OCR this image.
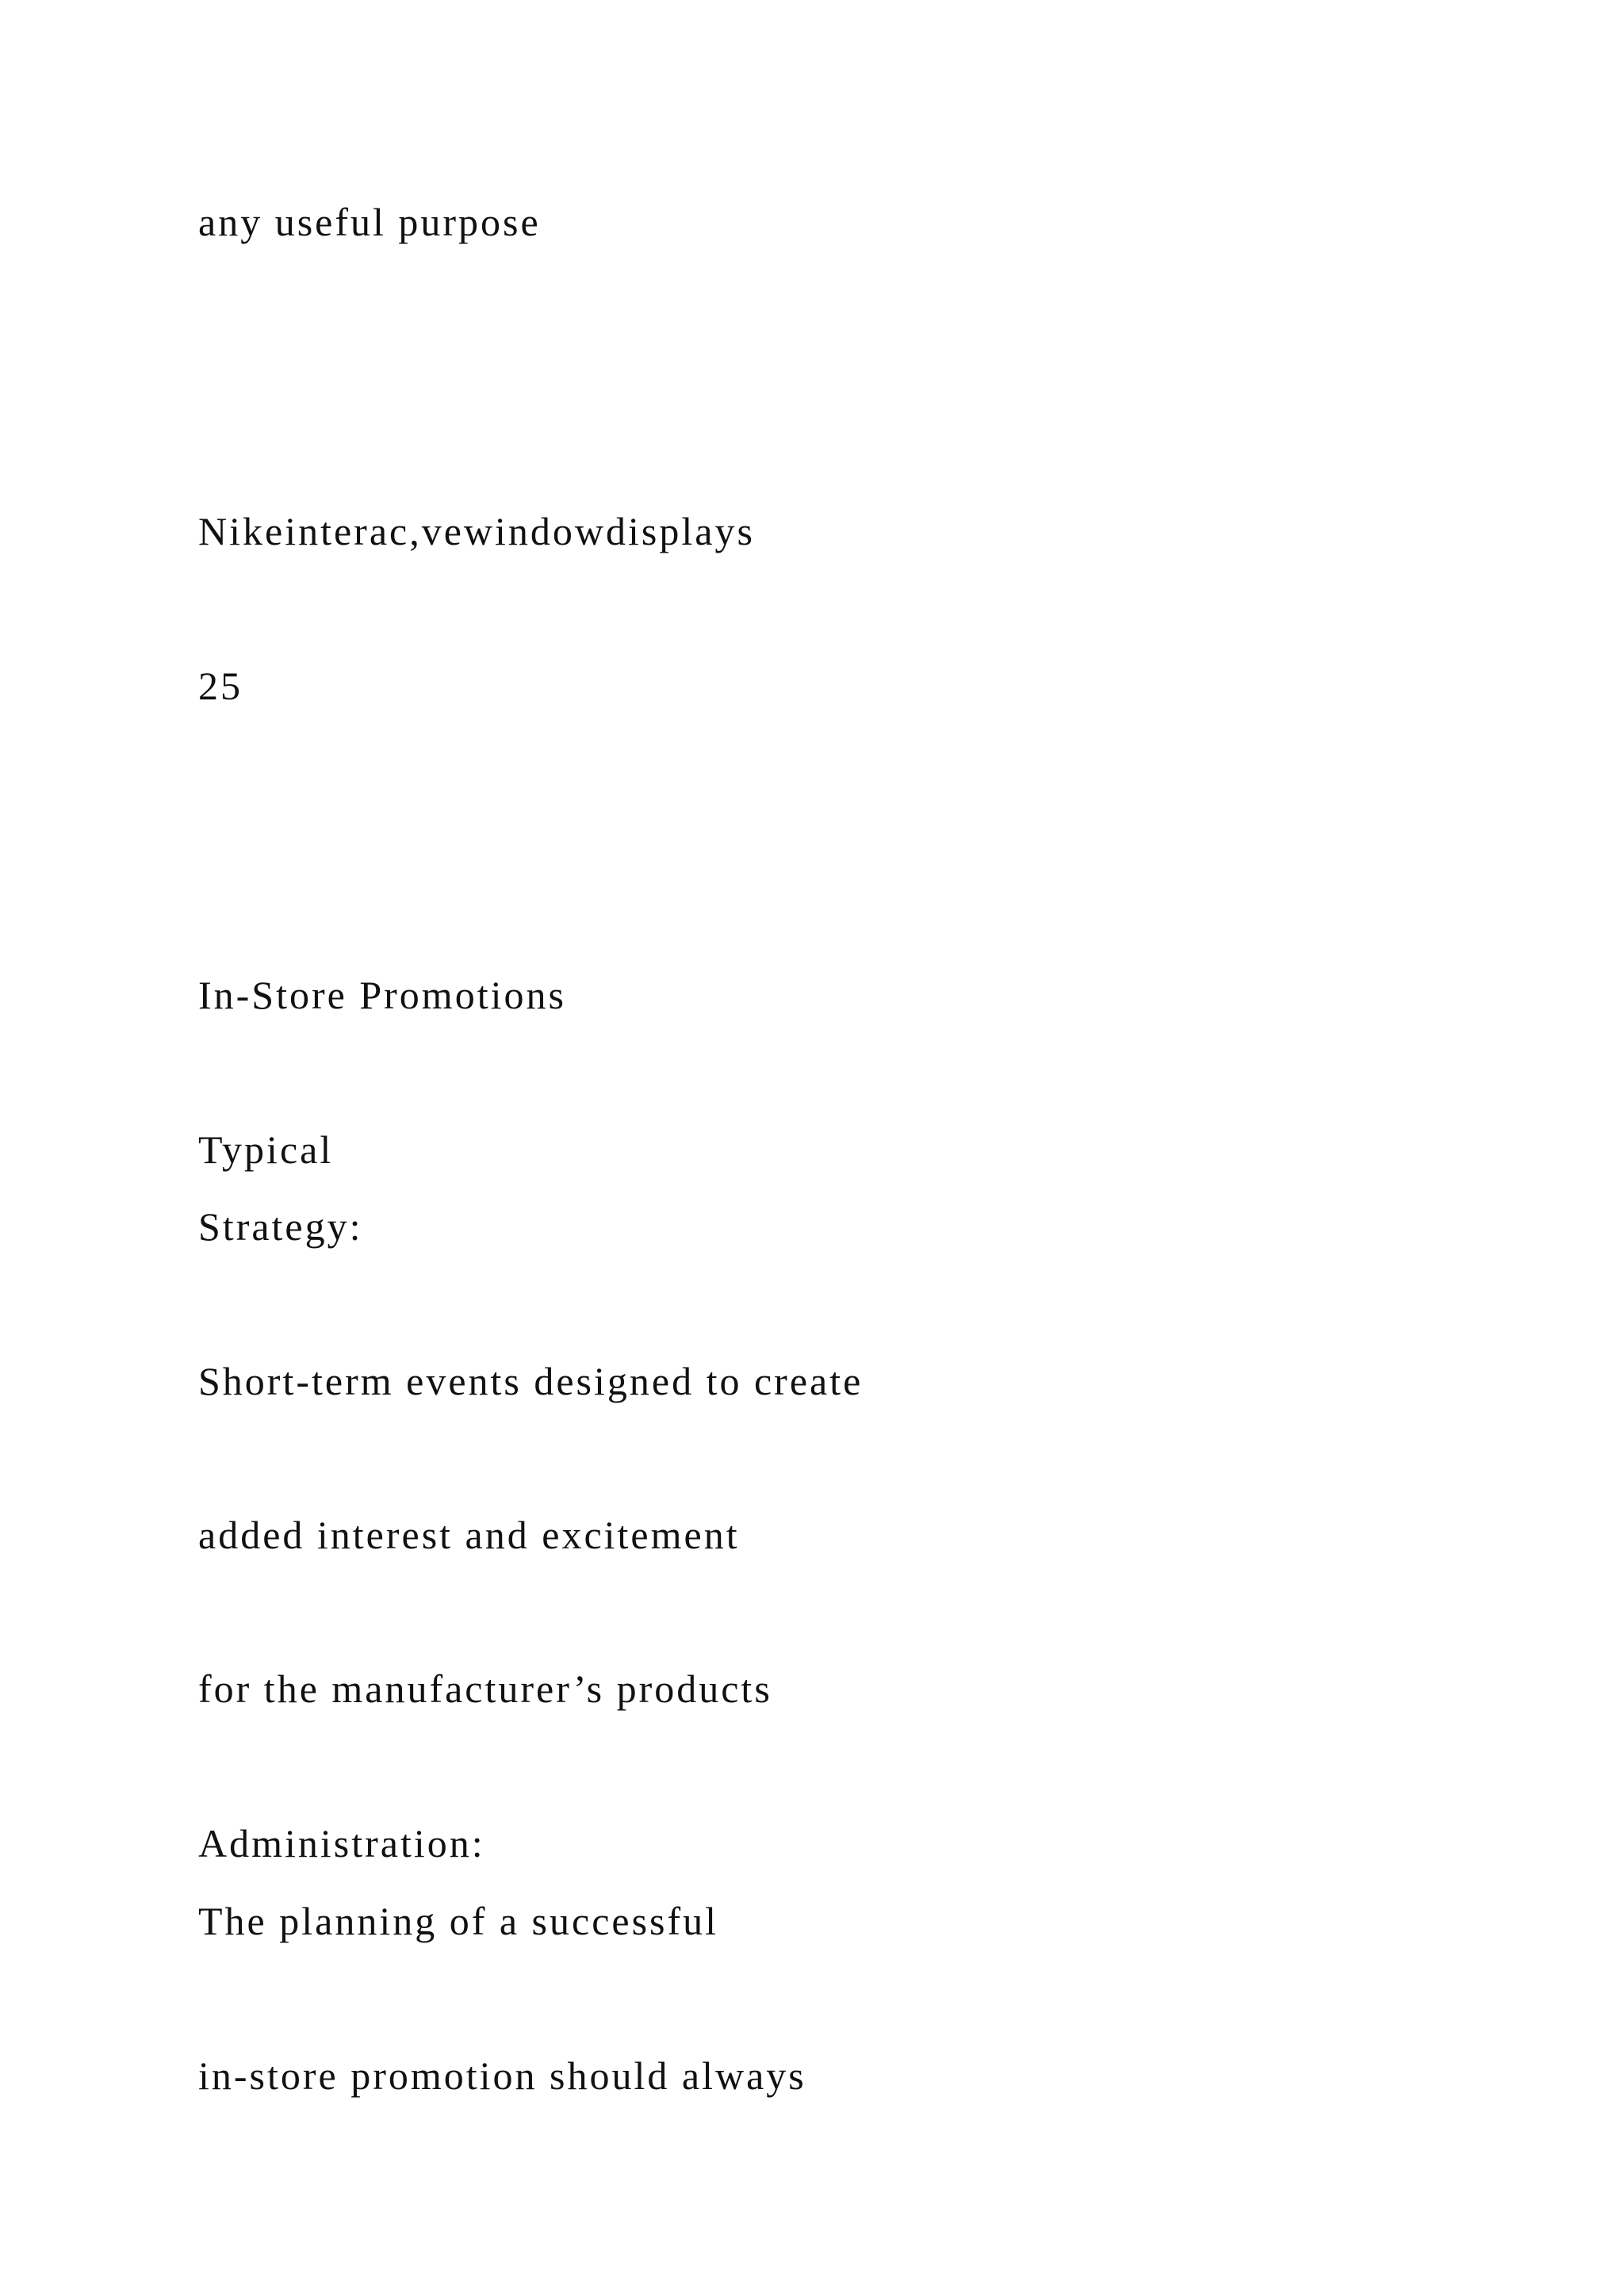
any useful purpose

Nikeinterac,vewindowdisplays

25

In-Store Promotions

Typical

Strategy:

Short-term events designed to create

added interest and excitement

for the manufacturer’s products

Administration:

The planning of a successful

in-store promotion should always
